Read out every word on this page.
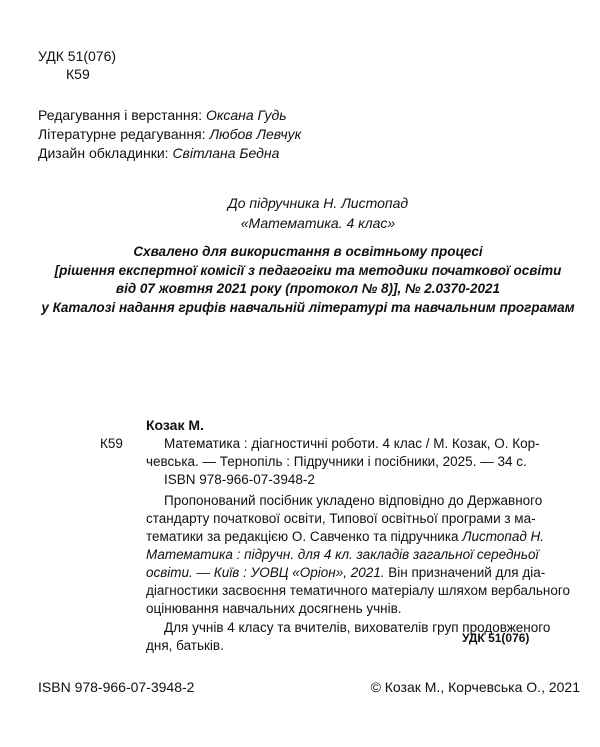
УДК 51(076)
К59
Редагування і верстання: Оксана Гудь
Літературне редагування: Любов Левчук
Дизайн обкладинки: Світлана Бедна
До підручника Н. Листопад
«Математика. 4 клас»
Схвалено для використання в освітньому процесі
[рішення експертної комісії з педагогіки та методики початкової освіти
від 07 жовтня 2021 року (протокол № 8)], № 2.0370-2021
у Каталозі надання грифів навчальній літературі та навчальним програмам
Козак М.
К59	Математика : діагностичні роботи. 4 клас / М. Козак, О. Кор-
чевська. — Тернопіль : Підручники і посібники, 2025. — 34 с.
ISBN 978-966-07-3948-2
Пропонований посібник укладено відповідно до Державного
стандарту початкової освіти, Типової освітньої програми з ма-
тематики за редакцією О. Савченко та підручника Листопад Н.
Математика : підручн. для 4 кл. закладів загальної середньої
освіти. — Київ : УОВЦ «Оріон», 2021. Він призначений для діа-
діагностики засвоєння тематичного матеріалу шляхом вербального
оцінювання навчальних досягнень учнів.
Для учнів 4 класу та вчителів, вихователів груп продовженого
дня, батьків.	УДК 51(076)
ISBN 978-966-07-3948-2	© Козак М., Корчевська О., 2021
